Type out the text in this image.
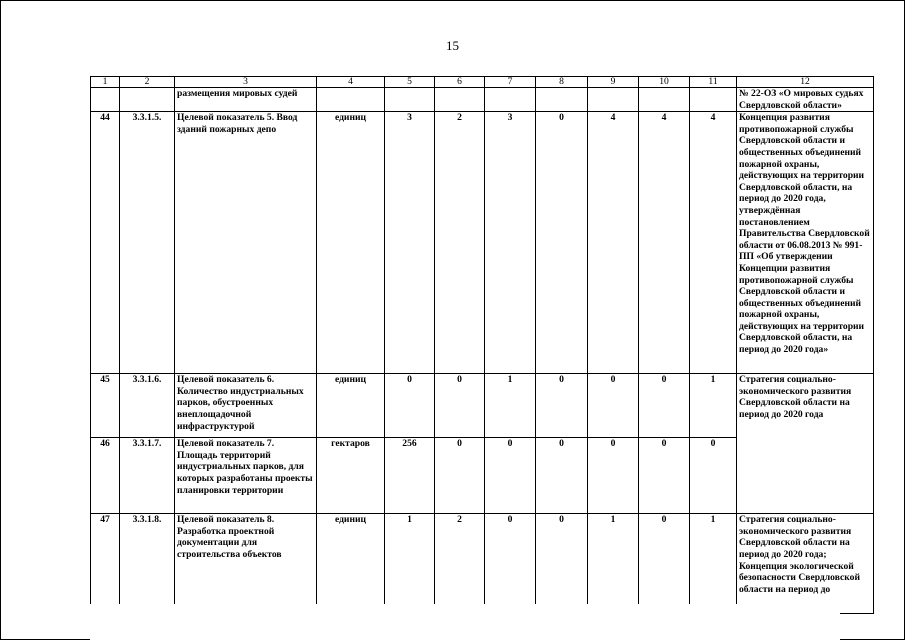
15
1	2	3	4	5	6	7	8	9	10	11	12
		размещения мировых судей									№ 22-ОЗ «О мировых судьях Свердловской области»
44	3.3.1.5.	Целевой показатель 5. Ввод зданий пожарных депо	единиц	3	2	3	0	4	4	4	Концепция развития противопожарной службы Свердловской области и общественных объединений пожарной охраны, действующих на территории Свердловской области, на период до 2020 года, утверждённая постановлением Правительства Свердловской области от 06.08.2013 № 991-ПП «Об утверждении Концепции развития противопожарной службы Свердловской области и общественных объединений пожарной охраны, действующих на территории Свердловской области, на период до 2020 года»
45	3.3.1.6.	Целевой показатель 6. Количество индустриальных парков, обустроенных внеплощадочной инфраструктурой	единиц	0	0	1	0	0	0	1	Стратегия социально-экономического развития Свердловской области на период до 2020 года
46	3.3.1.7.	Целевой показатель 7. Площадь территорий индустриальных парков, для которых разработаны проекты планировки территории	гектаров	256	0	0	0	0	0	0	
47	3.3.1.8.	Целевой показатель 8. Разработка проектной документации для строительства объектов	единиц	1	2	0	0	1	0	1	Стратегия социально-экономического развития Свердловской области на период до 2020 года; Концепция экологической безопасности Свердловской области на период до
